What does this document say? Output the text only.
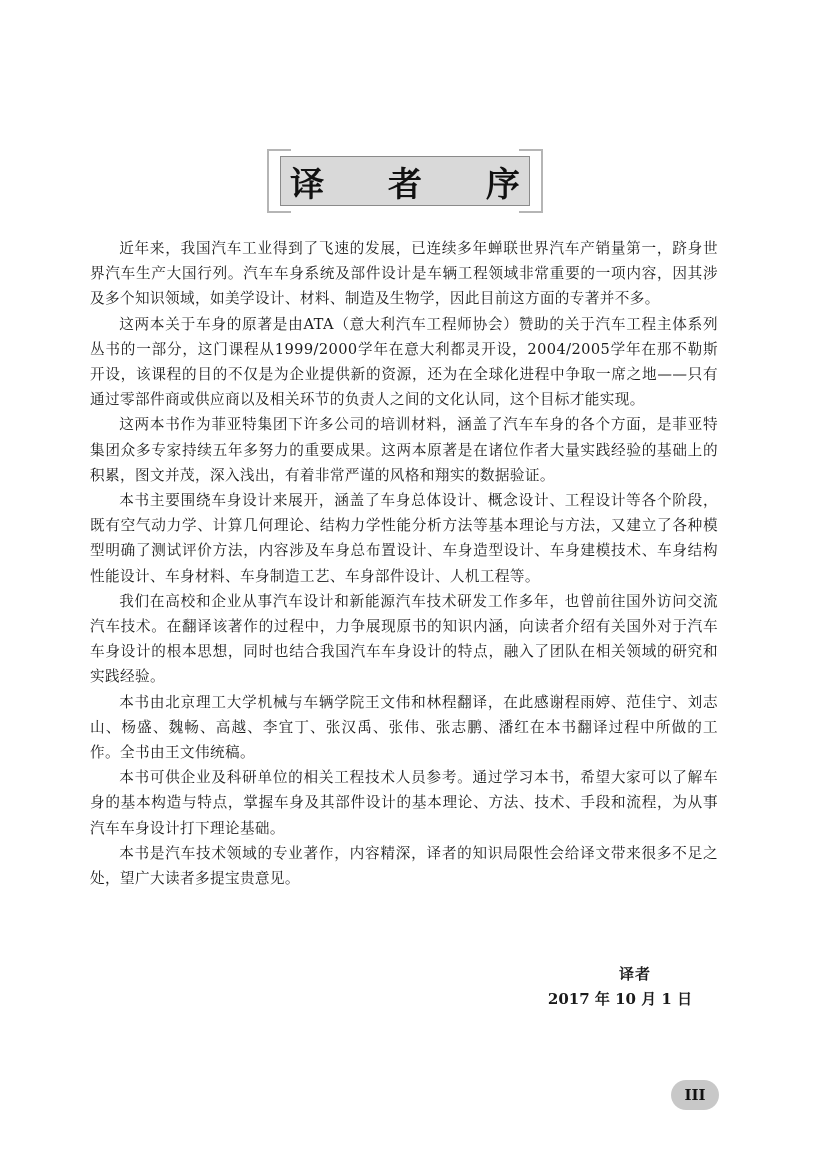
译 者 序

近年来，我国汽车工业得到了飞速的发展，已连续多年蝉联世界汽车产销量第一，跻身世界汽车生产大国行列。汽车车身系统及部件设计是车辆工程领域非常重要的一项内容，因其涉及多个知识领域，如美学设计、材料、制造及生物学，因此目前这方面的专著并不多。

这两本关于车身的原著是由ATA（意大利汽车工程师协会）赞助的关于汽车工程主体系列丛书的一部分，这门课程从1999/2000学年在意大利都灵开设，2004/2005学年在那不勒斯开设，该课程的目的不仅是为企业提供新的资源，还为在全球化进程中争取一席之地——只有通过零部件商或供应商以及相关环节的负责人之间的文化认同，这个目标才能实现。

这两本书作为菲亚特集团下许多公司的培训材料，涵盖了汽车车身的各个方面，是菲亚特集团众多专家持续五年多努力的重要成果。这两本原著是在诸位作者大量实践经验的基础上的积累，图文并茂，深入浅出，有着非常严谨的风格和翔实的数据验证。

本书主要围绕车身设计来展开，涵盖了车身总体设计、概念设计、工程设计等各个阶段，既有空气动力学、计算几何理论、结构力学性能分析方法等基本理论与方法，又建立了各种模型明确了测试评价方法，内容涉及车身总布置设计、车身造型设计、车身建模技术、车身结构性能设计、车身材料、车身制造工艺、车身部件设计、人机工程等。

我们在高校和企业从事汽车设计和新能源汽车技术研发工作多年，也曾前往国外访问交流汽车技术。在翻译该著作的过程中，力争展现原书的知识内涵，向读者介绍有关国外对于汽车车身设计的根本思想，同时也结合我国汽车车身设计的特点，融入了团队在相关领域的研究和实践经验。

本书由北京理工大学机械与车辆学院王文伟和林程翻译，在此感谢程雨婷、范佳宁、刘志山、杨盛、魏畅、高越、李宜丁、张汉禹、张伟、张志鹏、潘红在本书翻译过程中所做的工作。全书由王文伟统稿。

本书可供企业及科研单位的相关工程技术人员参考。通过学习本书，希望大家可以了解车身的基本构造与特点，掌握车身及其部件设计的基本理论、方法、技术、手段和流程，为从事汽车车身设计打下理论基础。

本书是汽车技术领域的专业著作，内容精深，译者的知识局限性会给译文带来很多不足之处，望广大读者多提宝贵意见。

译者
2017 年 10 月 1 日
III
